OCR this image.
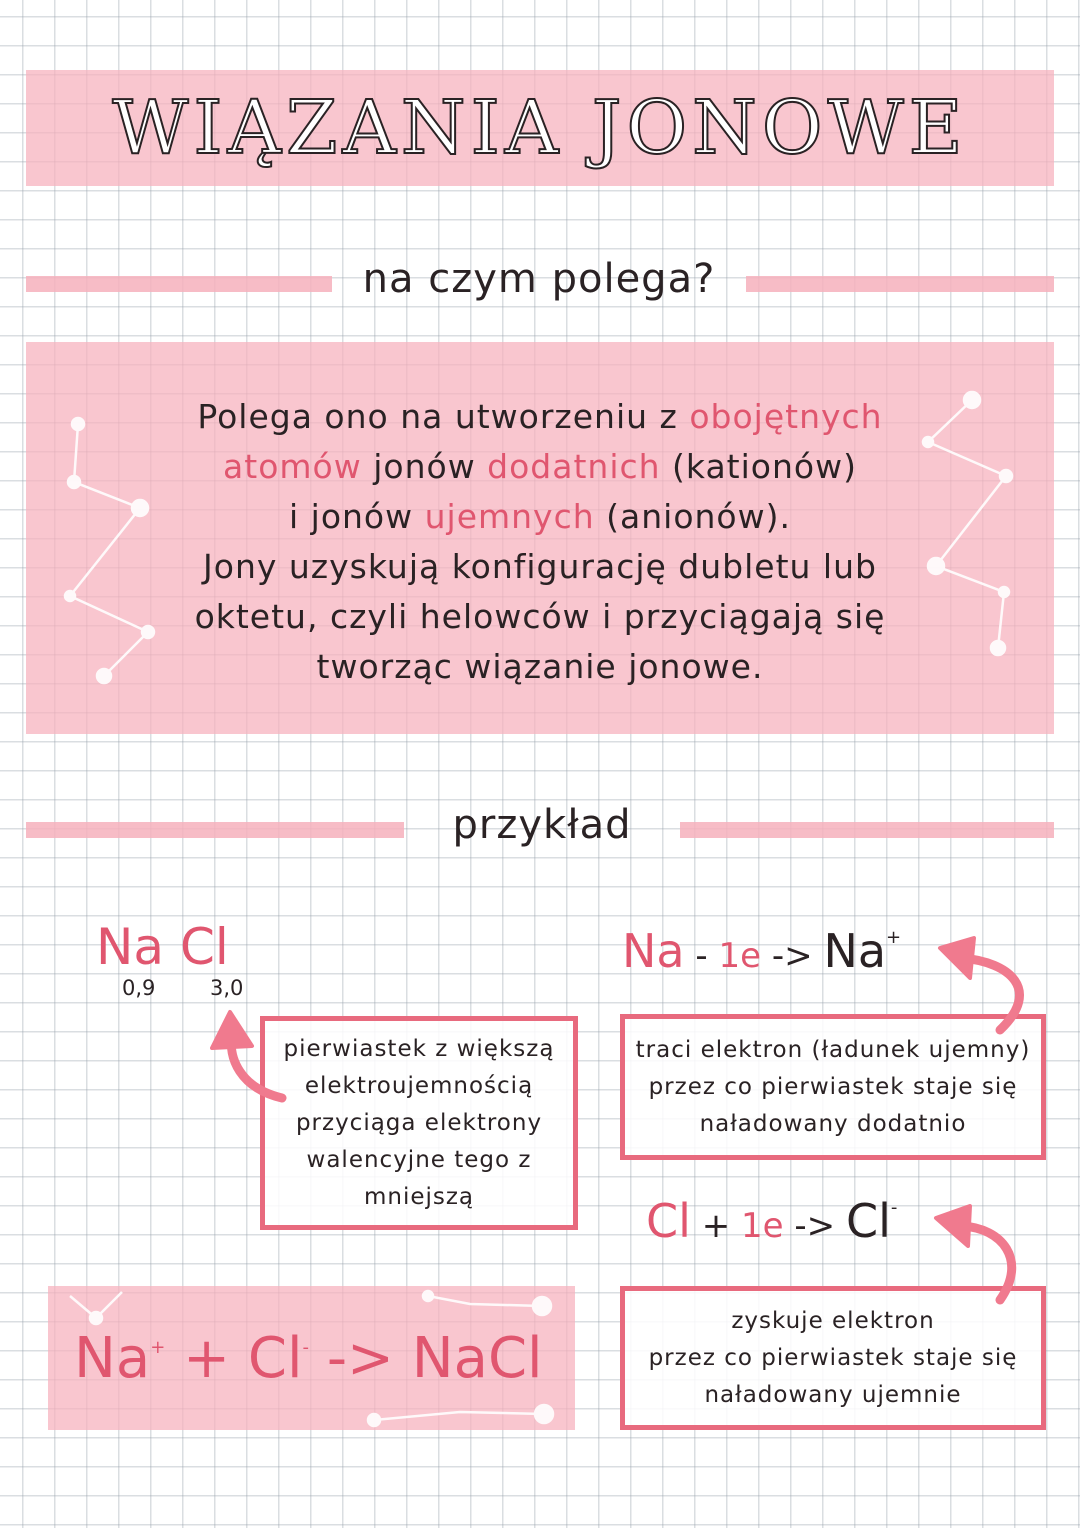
WIĄZANIA JONOWE
na czym polega?
Polega ono na utworzeniu z obojętnych
atomów jonów dodatnich (kationów)
i jonów ujemnych (anionów).
Jony uzyskują konfigurację dubletu lub
oktetu, czyli helowców i przyciągają się
tworząc wiązanie jonowe.
przykład
Na Cl
0,9	3,0
pierwiastek z większą
elektroujemnością
przyciąga elektrony
walencyjne tego z
mniejszą
Na - 1e -> Na+
traci elektron (ładunek ujemny)
przez co pierwiastek staje się
naładowany dodatnio
Cl + 1e -> Cl-
zyskuje elektron
przez co pierwiastek staje się
naładowany ujemnie
Na+ + Cl- -> NaCl
